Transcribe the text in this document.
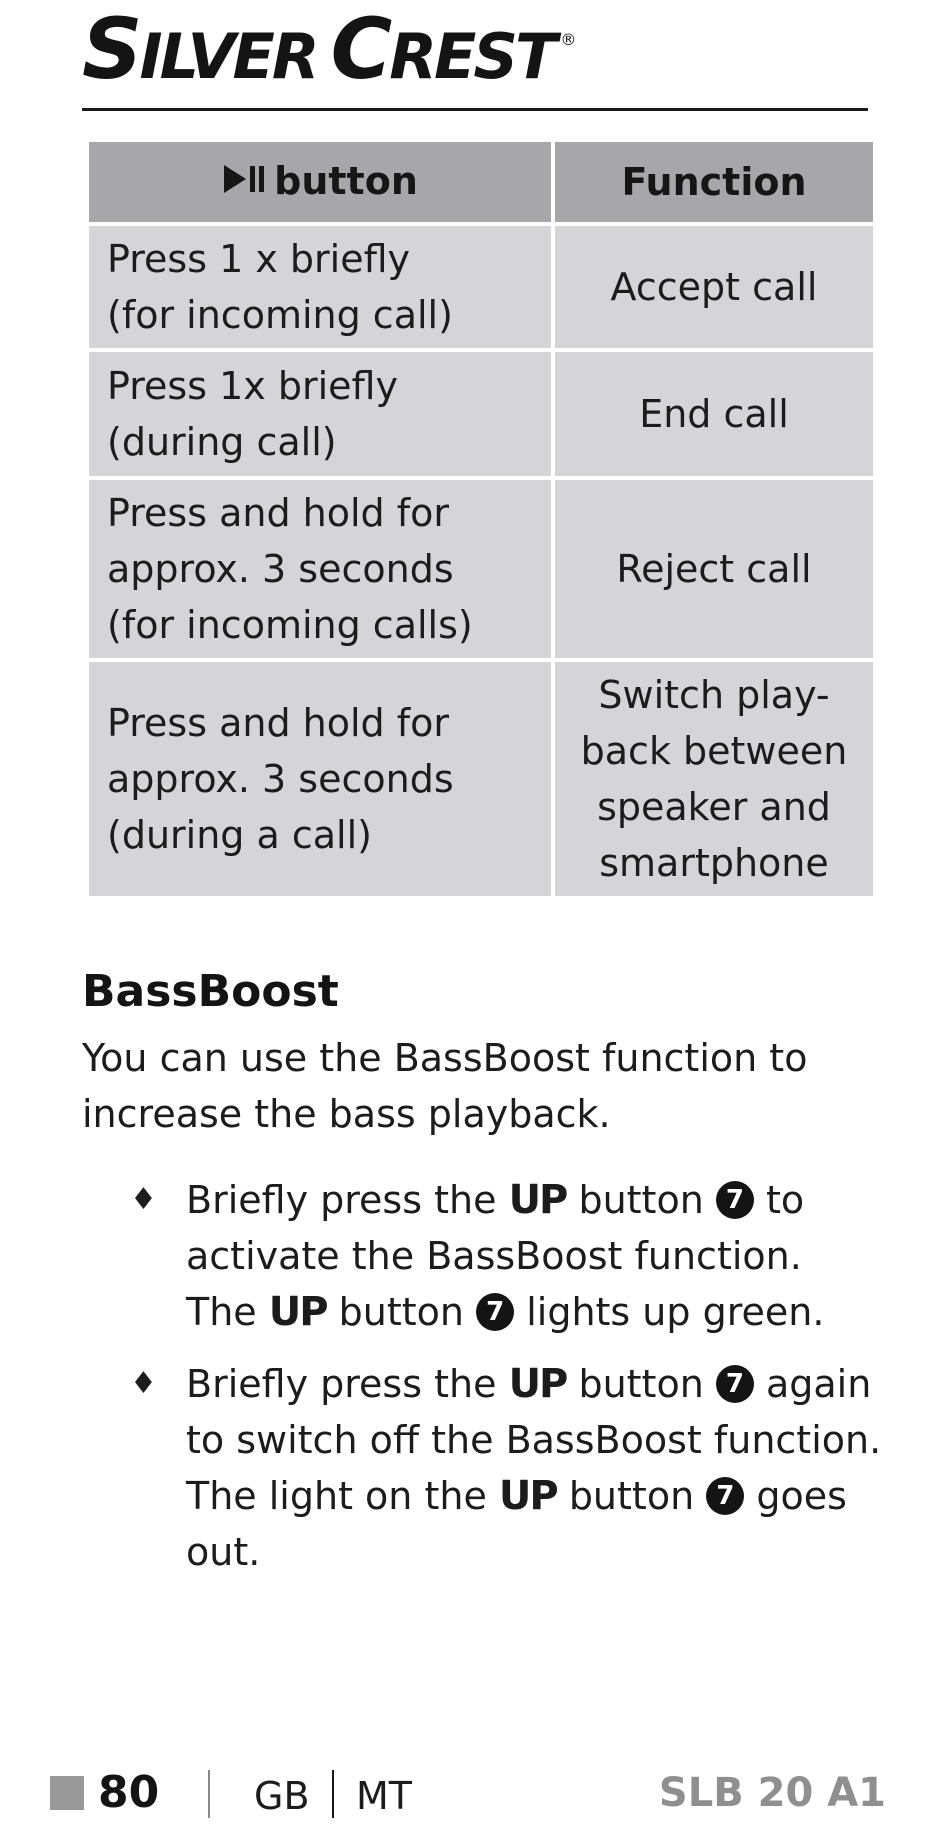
S ILVER C REST ®
button	Function

Press 1 x briefly
(for incoming call)	Accept call

Press 1x briefly
(during call)	End call

Press and hold for
approx. 3 seconds
(for incoming calls)	Reject call

Press and hold for
approx. 3 seconds
(during a call)	Switch play-
back between
speaker and
smartphone
BassBoost

You can use the BassBoost function to
increase the bass playback.

♦ Briefly press the UP button 7 to
activate the BassBoost function.
The UP button 7 lights up green.
♦ Briefly press the UP button 7 again
to switch off the BassBoost function.
The light on the UP button 7 goes
out.
80 GB MT	SLB 20 A1
